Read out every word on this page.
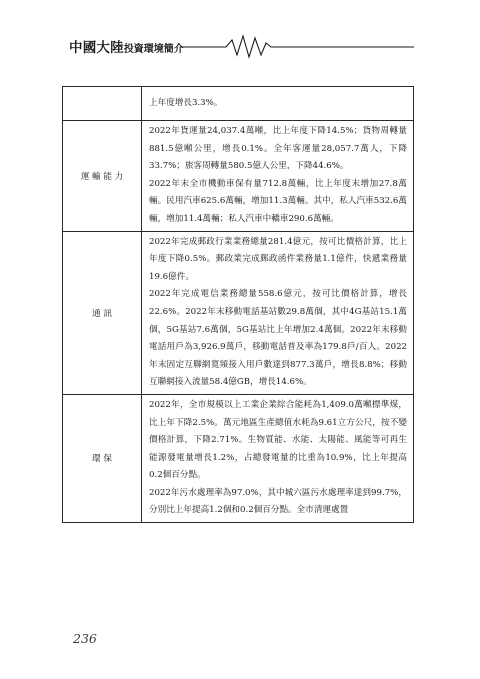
中國大陸投資環境簡介

	上年度增長3.3%。

運 輸 能 力	2022年貨運量24,037.4萬噸，比上年度下降14.5%；貨物周轉量881.5億噸公里，增長0.1%。全年客運量28,057.7萬人，下降33.7%；旅客周轉量580.5億人公里，下降44.6%。

2022年末全市機動車保有量712.8萬輛，比上年度末增加27.8萬輛。民用汽車625.6萬輛，增加11.3萬輛。其中，私人汽車532.6萬輛，增加11.4萬輛；私人汽車中轎車290.6萬輛。

通 訊	2022年完成郵政行業業務總量281.4億元，按可比價格計算，比上年度下降0.5%。郵政業完成郵政函件業務量1.1億件，快遞業務量19.6億件。

2022年完成電信業務總量558.6億元，按可比價格計算，增長22.6%。2022年末移動電話基站數29.8萬個，其中4G基站15.1萬個，5G基站7.6萬個，5G基站比上年增加2.4萬個。2022年末移動電話用戶為3,926.9萬戶，移動電話普及率為179.8戶/百人。2022年末固定互聯網寬頻接入用戶數達到877.3萬戶，增長8.8%；移動互聯網接入流量58.4億GB，增長14.6%。

環 保	2022年，全市規模以上工業企業綜合能耗為1,409.0萬噸標準煤，比上年下降2.5%。萬元地區生產總值水耗為9.61立方公尺，按不變價格計算，下降2.71%。生物質能、水能、太陽能、風能等可再生能源發電量增長1.2%，占總發電量的比重為10.9%，比上年提高0.2個百分點。

2022年污水處理率為97.0%，其中城六區污水處理率達到99.7%，分別比上年提高1.2個和0.2個百分點。全市清運處置

236
